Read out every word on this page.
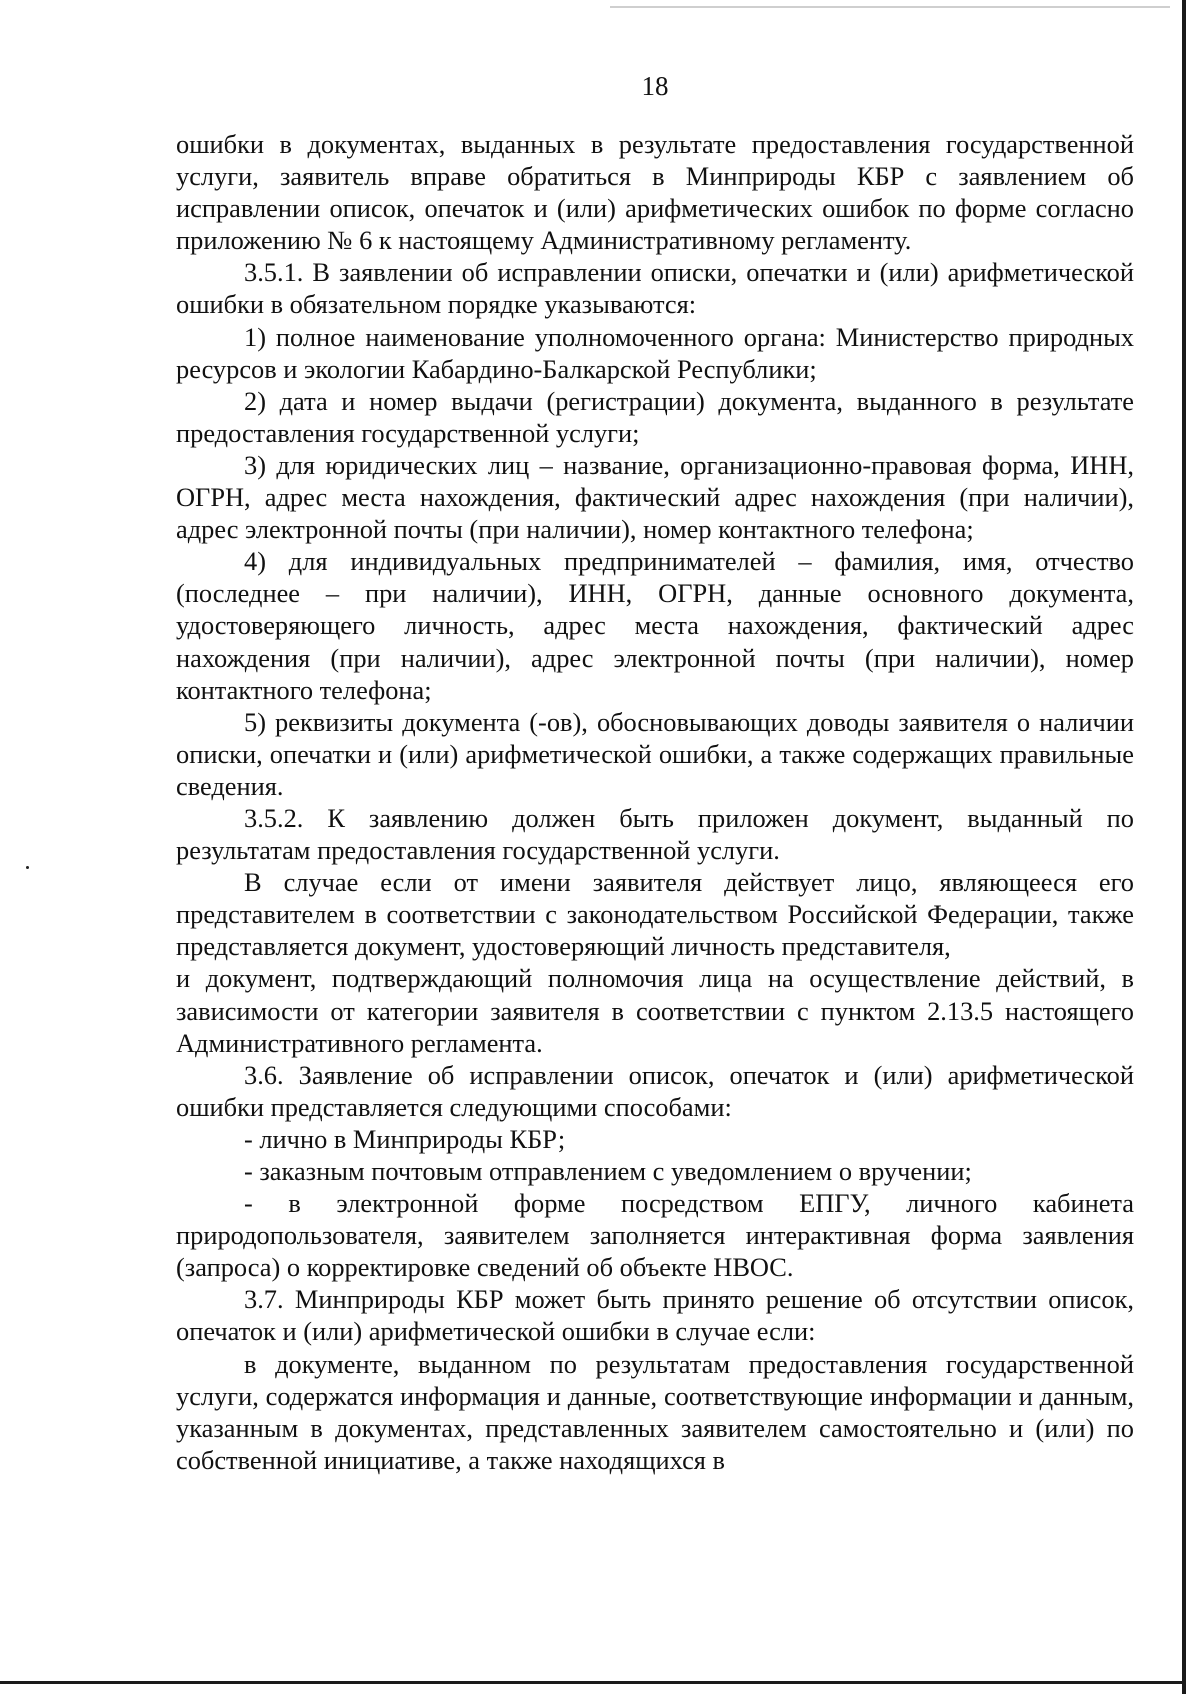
18

ошибки в документах, выданных в результате предоставления государственной услуги, заявитель вправе обратиться в Минприроды КБР с заявлением об исправлении описок, опечаток и (или) арифметических ошибок по форме согласно приложению № 6 к настоящему Административному регламенту.

3.5.1. В заявлении об исправлении описки, опечатки и (или) арифметической ошибки в обязательном порядке указываются:

1) полное наименование уполномоченного органа: Министерство природных ресурсов и экологии Кабардино-Балкарской Республики;

2) дата и номер выдачи (регистрации) документа, выданного в результате предоставления государственной услуги;

3) для юридических лиц – название, организационно-правовая форма, ИНН, ОГРН, адрес места нахождения, фактический адрес нахождения (при наличии), адрес электронной почты (при наличии), номер контактного телефона;

4) для индивидуальных предпринимателей – фамилия, имя, отчество (последнее – при наличии), ИНН, ОГРН, данные основного документа, удостоверяющего личность, адрес места нахождения, фактический адрес нахождения (при наличии), адрес электронной почты (при наличии), номер контактного телефона;

5) реквизиты документа (-ов), обосновывающих доводы заявителя о наличии описки, опечатки и (или) арифметической ошибки, а также содержащих правильные сведения.

3.5.2. К заявлению должен быть приложен документ, выданный по результатам предоставления государственной услуги.

В случае если от имени заявителя действует лицо, являющееся его представителем в соответствии с законодательством Российской Федерации, также представляется документ, удостоверяющий личность представителя,

и документ, подтверждающий полномочия лица на осуществление действий, в зависимости от категории заявителя в соответствии с пунктом 2.13.5 настоящего Административного регламента.

3.6. Заявление об исправлении описок, опечаток и (или) арифметической ошибки представляется следующими способами:

- лично в Минприроды КБР;

- заказным почтовым отправлением с уведомлением о вручении;

- в электронной форме посредством ЕПГУ, личного кабинета природопользователя, заявителем заполняется интерактивная форма заявления (запроса) о корректировке сведений об объекте НВОС.

3.7. Минприроды КБР может быть принято решение об отсутствии описок, опечаток и (или) арифметической ошибки в случае если:

в документе, выданном по результатам предоставления государственной услуги, содержатся информация и данные, соответствующие информации и данным, указанным в документах, представленных заявителем самостоятельно и (или) по собственной инициативе, а также находящихся в
